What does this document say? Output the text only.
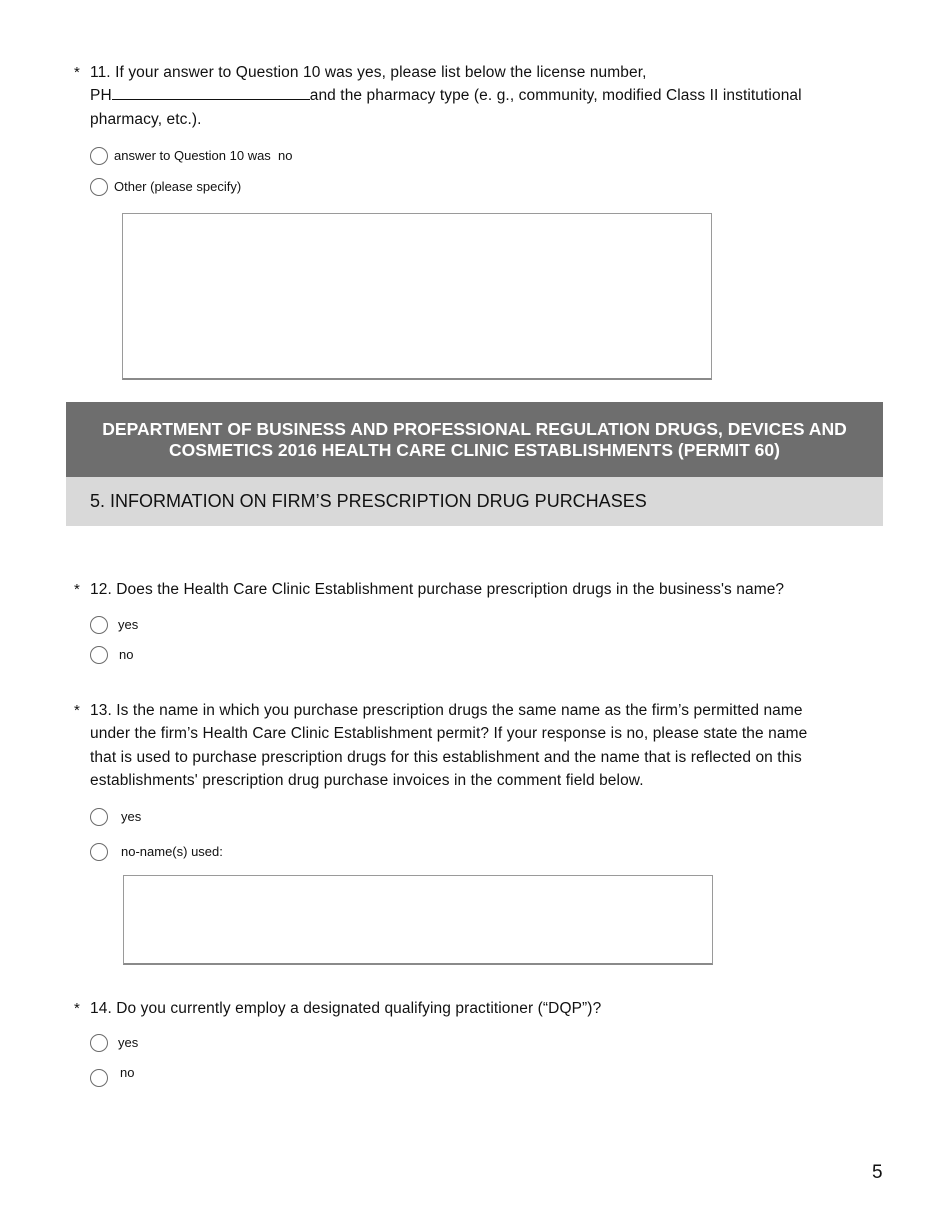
* 11. If your answer to Question 10 was yes, please list below the license number,
PH	and the pharmacy type (e. g., community, modified Class II institutional
pharmacy, etc.).
answer to Question 10 was  no
Other (please specify)
DEPARTMENT OF BUSINESS AND PROFESSIONAL REGULATION DRUGS, DEVICES AND
COSMETICS 2016 HEALTH CARE CLINIC ESTABLISHMENTS (PERMIT 60)
5. INFORMATION ON FIRM’S PRESCRIPTION DRUG PURCHASES
* 12. Does the Health Care Clinic Establishment purchase prescription drugs in the business's name?
yes
no
* 13. Is the name in which you purchase prescription drugs the same name as the firm’s permitted name
under the firm’s Health Care Clinic Establishment permit? If your response is no, please state the name
that is used to purchase prescription drugs for this establishment and the name that is reflected on this
establishments' prescription drug purchase invoices in the comment field below.
yes
no-name(s) used:
* 14. Do you currently employ a designated qualifying practitioner (“DQP”)?
yes
no
5
